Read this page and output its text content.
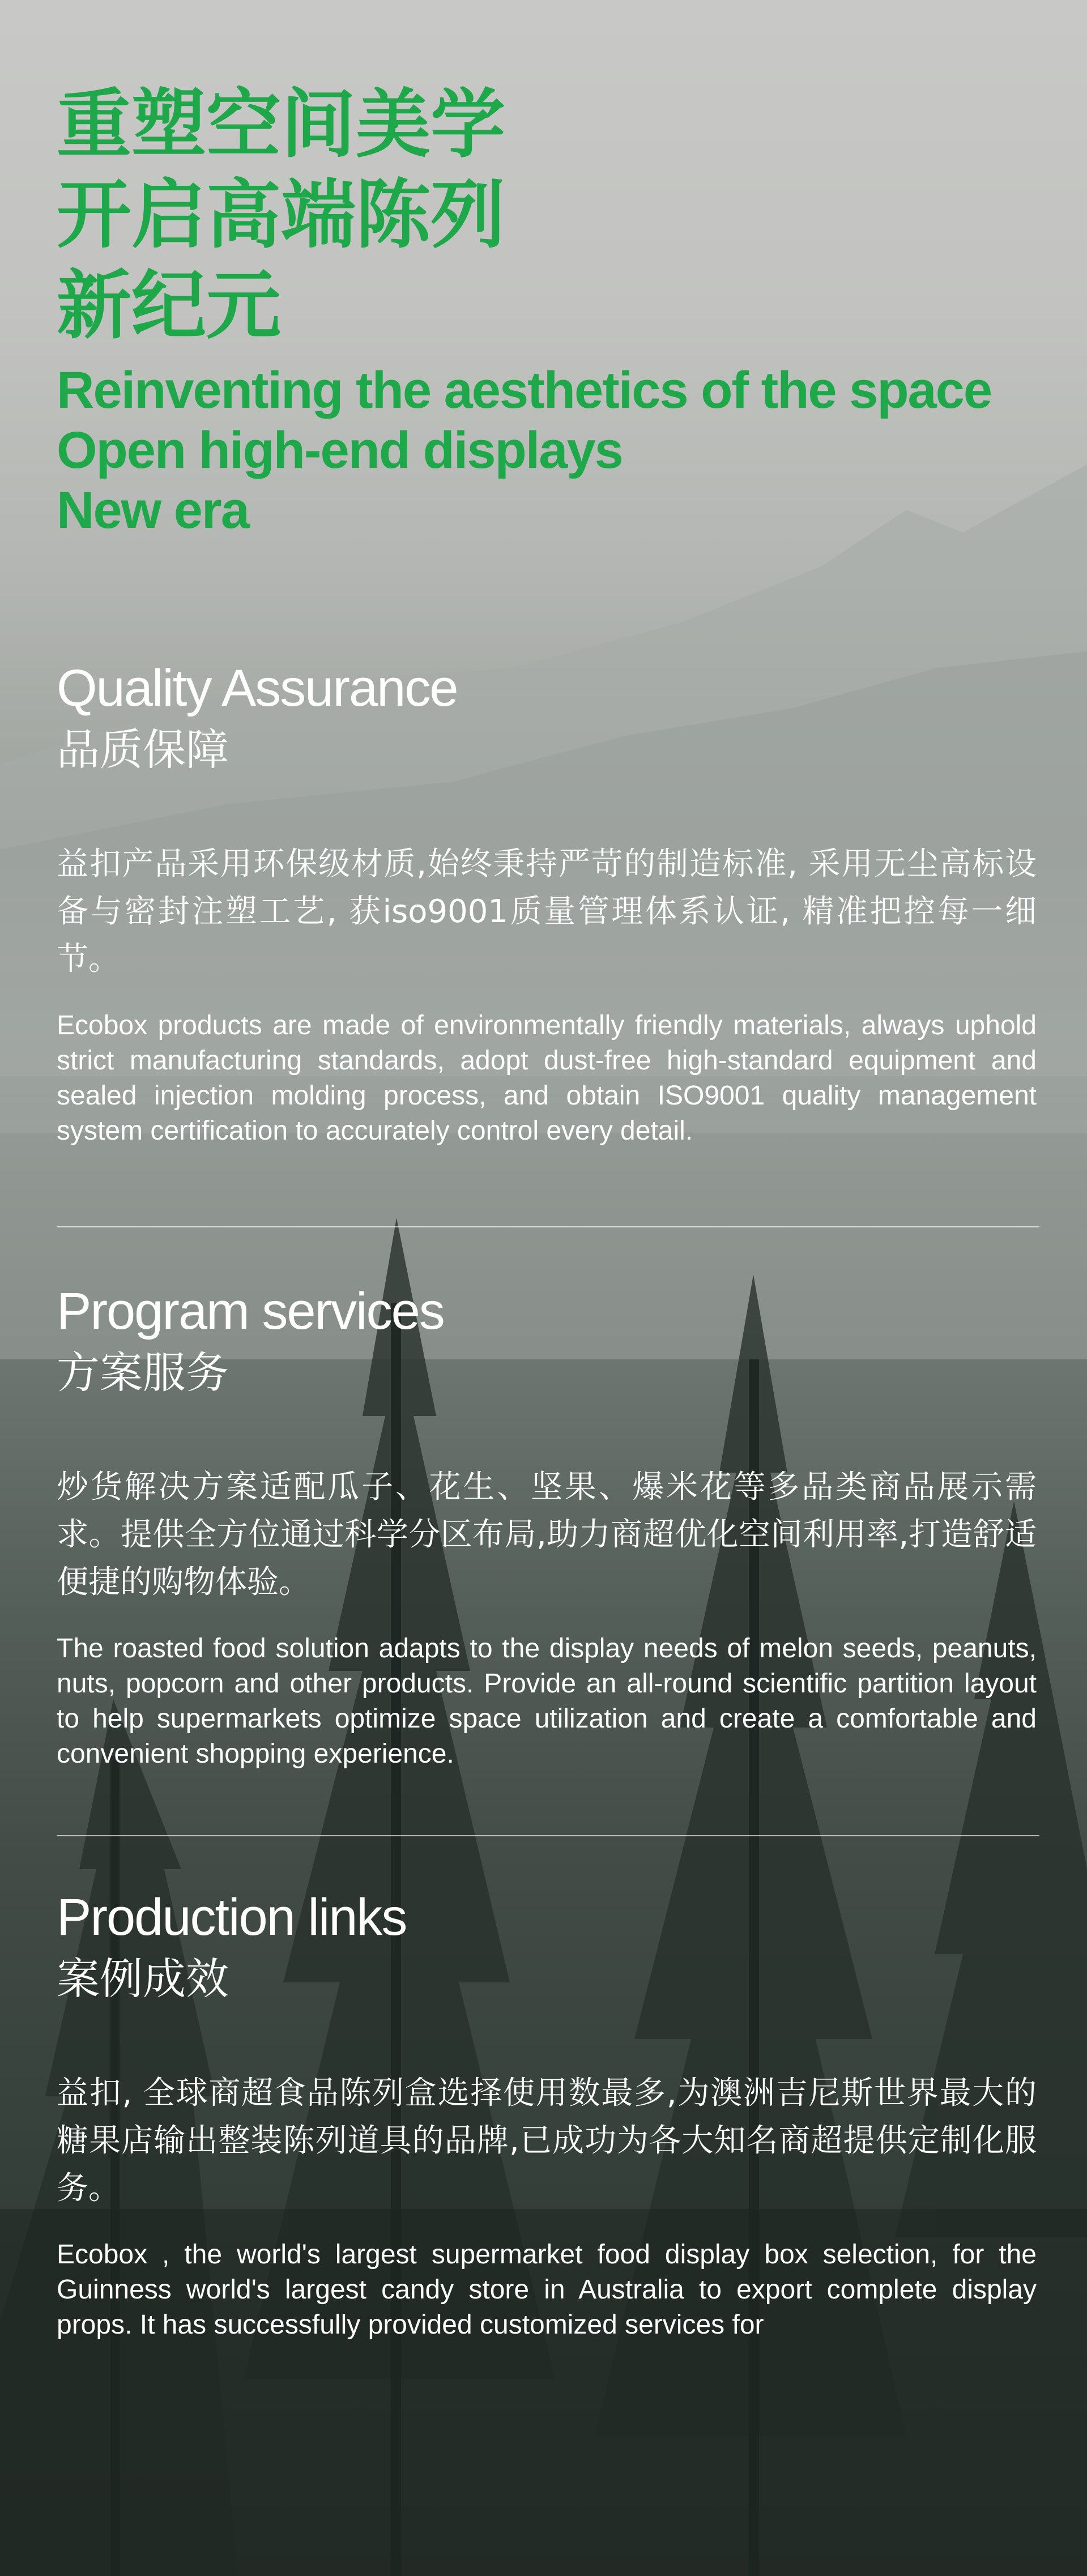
重塑空间美学
开启高端陈列
新纪元
Reinventing the aesthetics of the space
Open high-end displays
New era
Quality Assurance
品质保障
益扣产品采用环保级材质,始终秉持严苛的制造标准, 采用无尘高标设备与密封注塑工艺, 获iso9001质量管理体系认证, 精准把控每一细节。
Ecobox products are made of environmentally friendly materials, always uphold strict manufacturing standards, adopt dust-free high-standard equipment and sealed injection molding process, and obtain ISO9001 quality management system certification to accurately control every detail.
Program services
方案服务
炒货解决方案适配瓜子、花生、坚果、爆米花等多品类商品展示需求。提供全方位通过科学分区布局,助力商超优化空间利用率,打造舒适便捷的购物体验。
The roasted food solution adapts to the display needs of melon seeds, peanuts, nuts, popcorn and other products. Provide an all-round scientific partition layout to help supermarkets optimize space utilization and create a comfortable and convenient shopping experience.
Production links
案例成效
益扣, 全球商超食品陈列盒选择使用数最多,为澳洲吉尼斯世界最大的糖果店输出整装陈列道具的品牌,已成功为各大知名商超提供定制化服务。
Ecobox , the world's largest supermarket food display box selection, for the Guinness world's largest candy store in Australia to export complete display props. It has successfully provided customized services for
